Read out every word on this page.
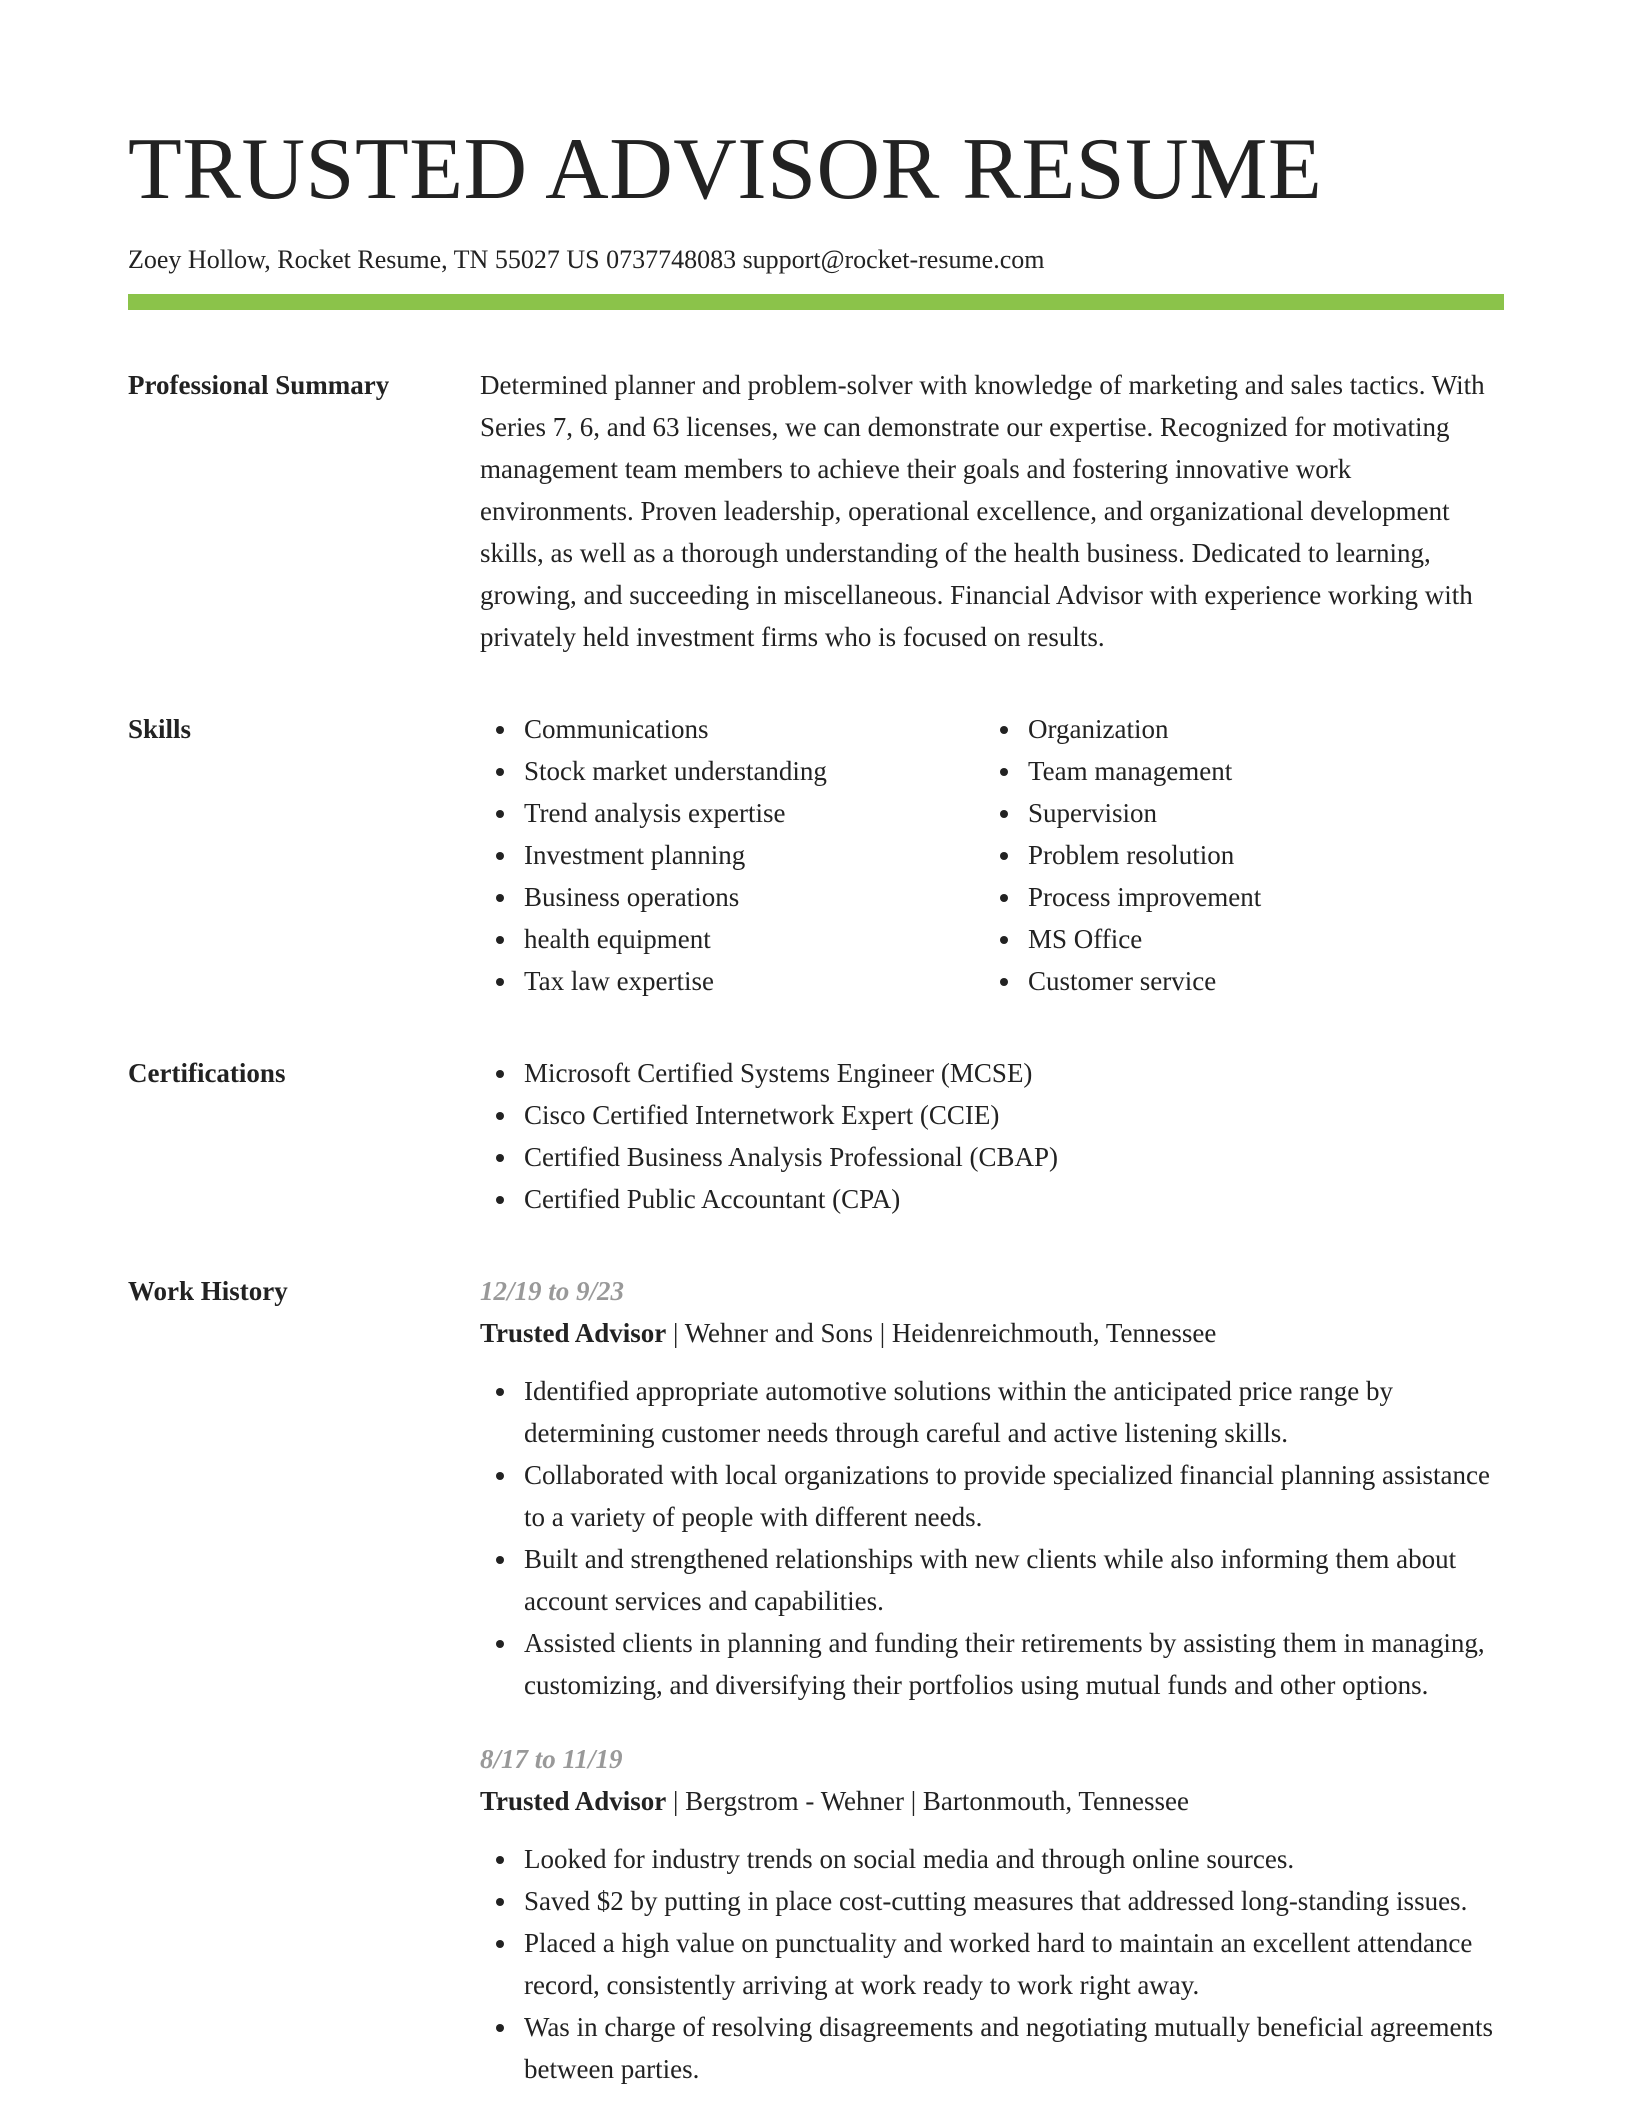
TRUSTED ADVISOR RESUME
Zoey Hollow, Rocket Resume, TN 55027 US 0737748083 support@rocket-resume.com
Professional Summary	Determined planner and problem-solver with knowledge of marketing and sales tactics. With Series 7, 6, and 63 licenses, we can demonstrate our expertise. Recognized for motivating management team members to achieve their goals and fostering innovative work environments. Proven leadership, operational excellence, and organizational development skills, as well as a thorough understanding of the health business. Dedicated to learning, growing, and succeeding in miscellaneous. Financial Advisor with experience working with privately held investment firms who is focused on results.

Skills	Communications
Stock market understanding
Trend analysis expertise
Investment planning
Business operations
health equipment
Tax law expertise
Organization
Team management
Supervision
Problem resolution
Process improvement
MS Office
Customer service
Certifications	Microsoft Certified Systems Engineer (MCSE)
Cisco Certified Internetwork Expert (CCIE)
Certified Business Analysis Professional (CBAP)
Certified Public Accountant (CPA)
Work History	12/19 to 9/23
Trusted Advisor | Wehner and Sons | Heidenreichmouth, Tennessee
Identified appropriate automotive solutions within the anticipated price range by determining customer needs through careful and active listening skills.
Collaborated with local organizations to provide specialized financial planning assistance to a variety of people with different needs.
Built and strengthened relationships with new clients while also informing them about account services and capabilities.
Assisted clients in planning and funding their retirements by assisting them in managing, customizing, and diversifying their portfolios using mutual funds and other options.
8/17 to 11/19
Trusted Advisor | Bergstrom - Wehner | Bartonmouth, Tennessee
Looked for industry trends on social media and through online sources.
Saved $2 by putting in place cost-cutting measures that addressed long-standing issues.
Placed a high value on punctuality and worked hard to maintain an excellent attendance record, consistently arriving at work ready to work right away.
Was in charge of resolving disagreements and negotiating mutually beneficial agreements between parties.
